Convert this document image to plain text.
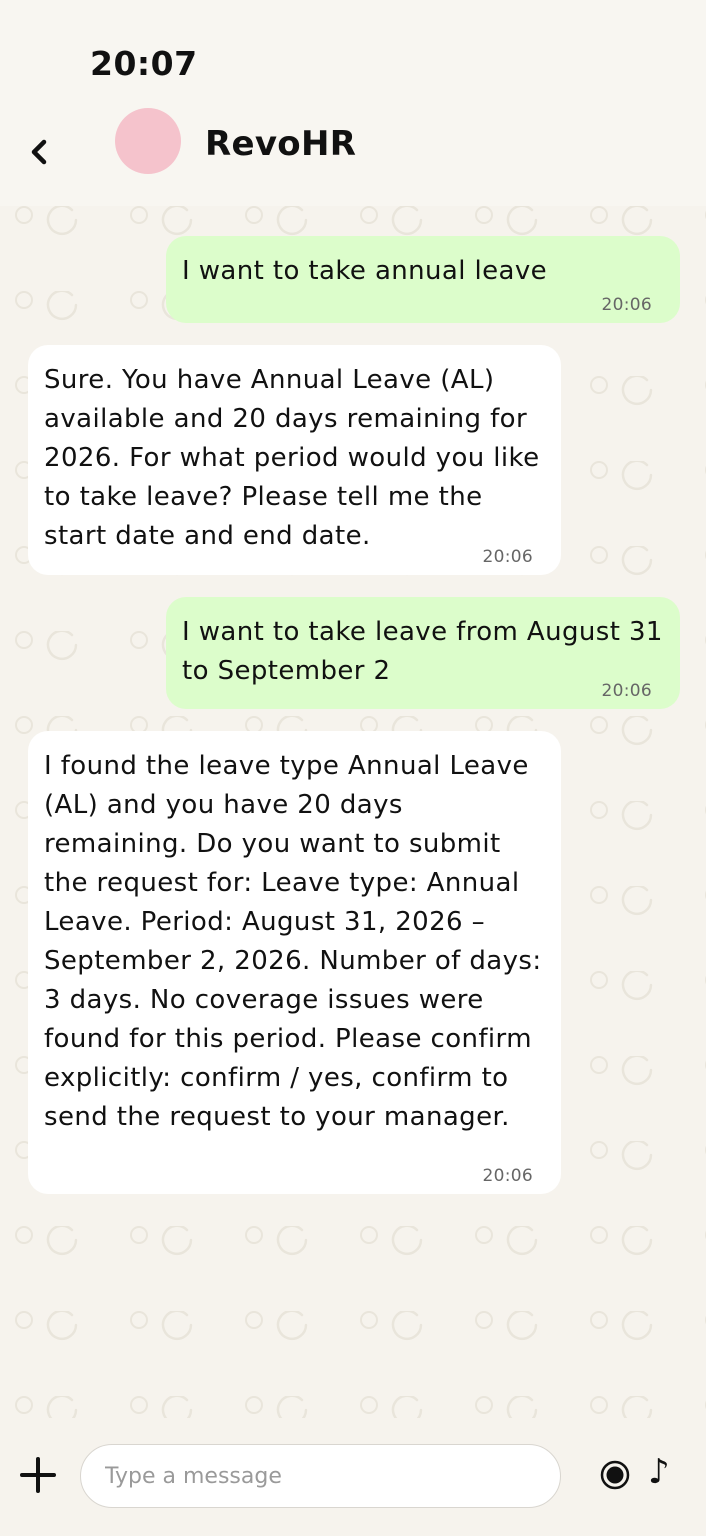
20:07
RevoHR
I want to take annual leave
20:06
Sure. You have Annual Leave (AL) available and 20 days remaining for 2026. For what period would you like to take leave? Please tell me the start date and end date.
20:06
I want to take leave from August 31 to September 2
20:06
I found the leave type Annual Leave (AL) and you have 20 days remaining. Do you want to submit the request for: Leave type: Annual Leave. Period: August 31, 2026 – September 2, 2026. Number of days: 3 days. No coverage issues were found for this period. Please confirm explicitly: confirm / yes, confirm to send the request to your manager.
20:06
Type a message
♪
